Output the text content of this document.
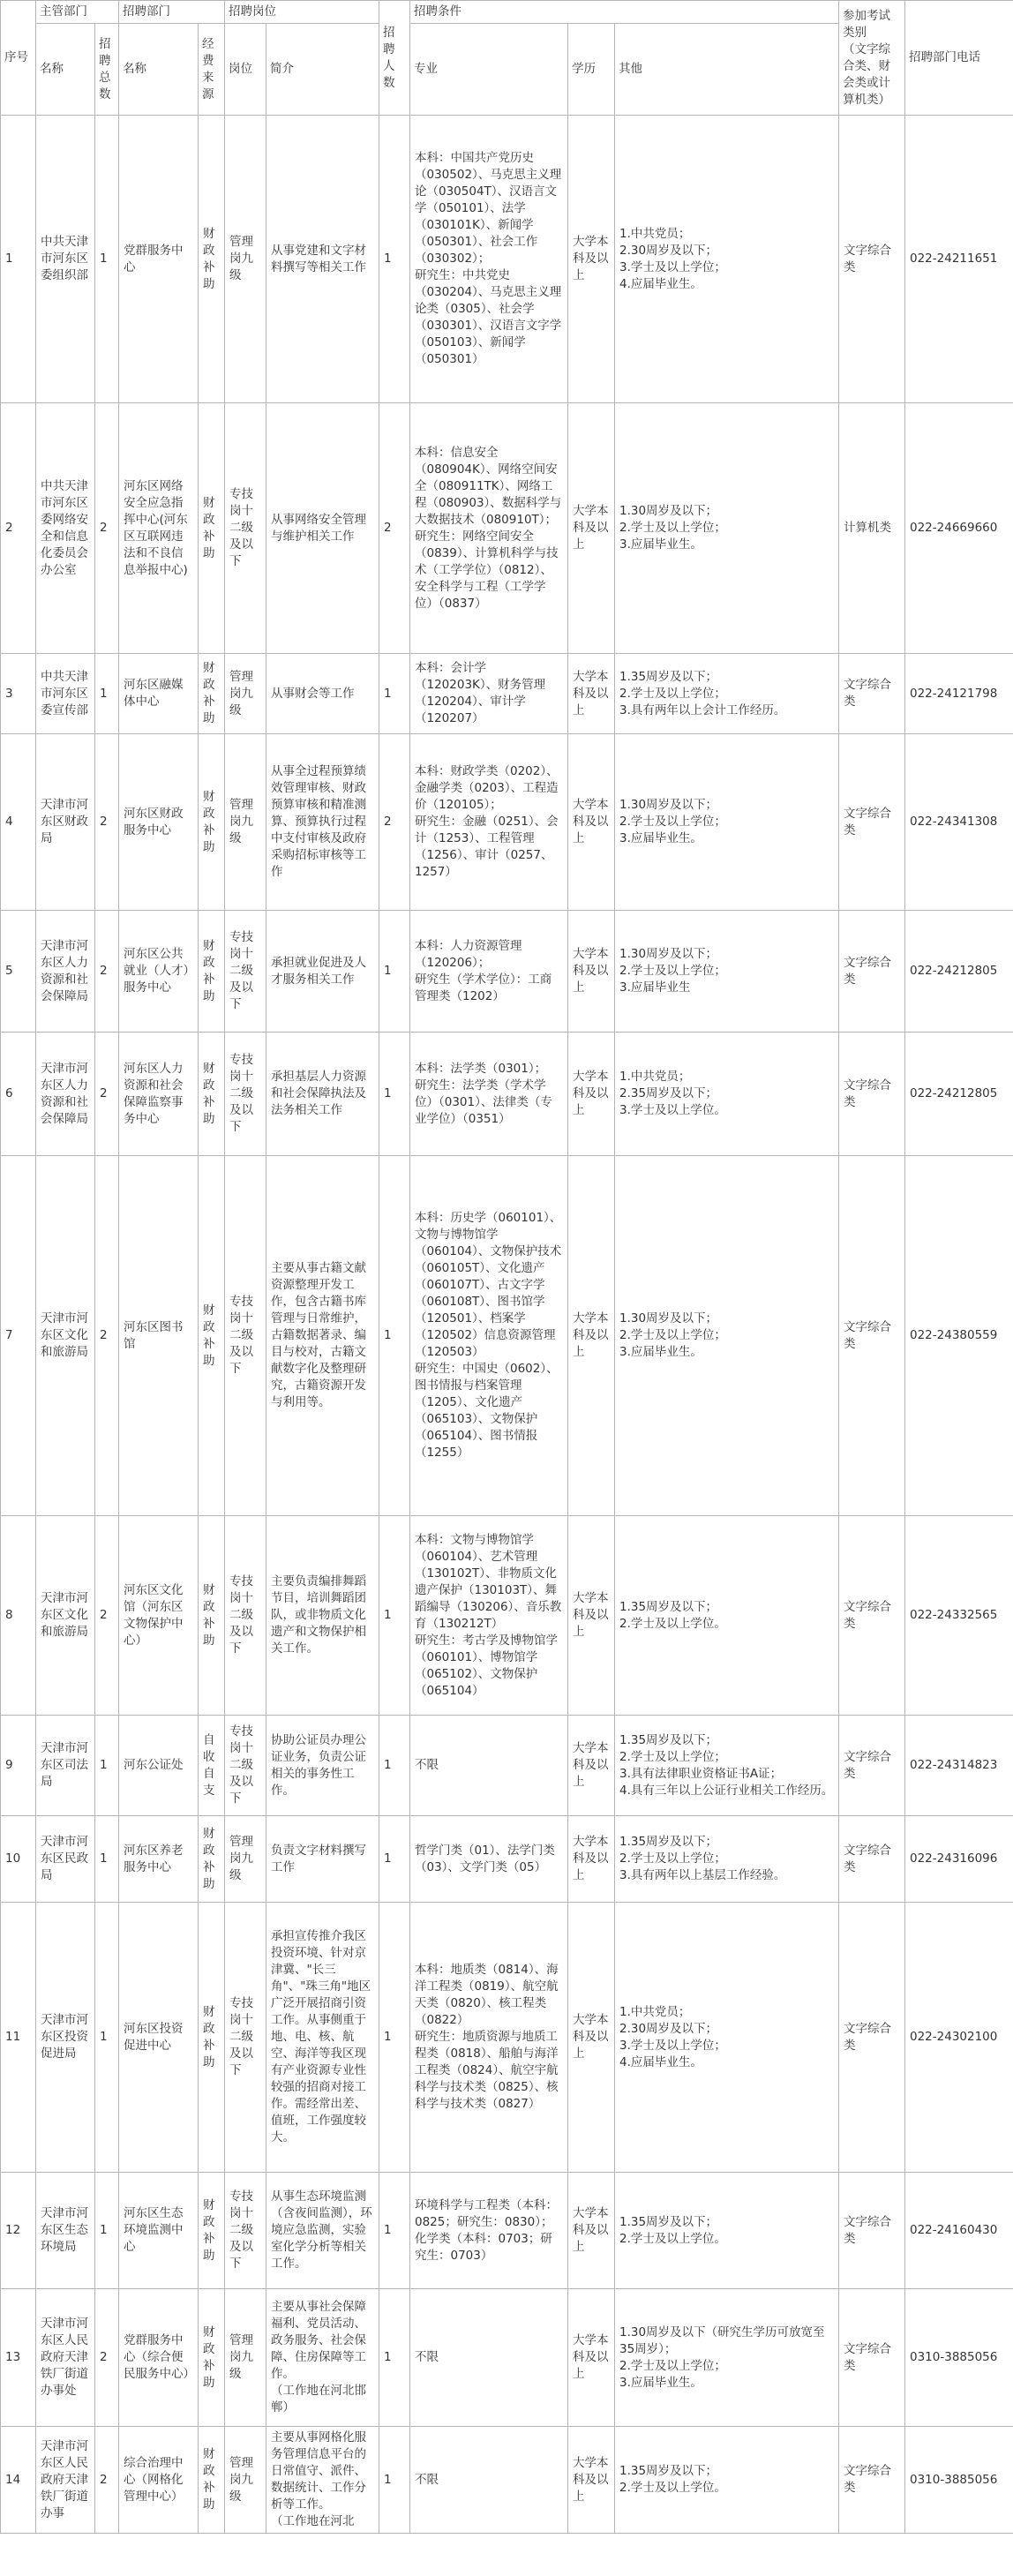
序号	主管部门		招聘部门		招聘岗位		招聘人数	招聘条件			参加考试类别
（文字综合类、财会类或计算机类）	招聘部门电话
	名称	招聘总数	名称	经费来源	岗位	简介		专业	学历	其他		
1	中共天津市河东区委组织部	1	党群服务中心	财政补助	管理岗九级	从事党建和文字材料撰写等相关工作	1	本科：中国共产党历史（030502）、马克思主义理论（030504T）、汉语言文学（050101）、法学（030101K）、新闻学（050301）、社会工作（030302）；
研究生：中共党史（030204）、马克思主义理论类（0305）、社会学（030301）、汉语言文字学（050103）、新闻学（050301）	大学本科及以上	1.中共党员；
2.30周岁及以下；
3.学士及以上学位；
4.应届毕业生。	文字综合类	022-24211651
2	中共天津市河东区委网络安全和信息化委员会办公室	2	河东区网络安全应急指挥中心(河东区互联网违法和不良信息举报中心)	财政补助	专技岗十二级及以下	从事网络安全管理与维护相关工作	2	本科：信息安全（080904K）、网络空间安全（080911TK）、网络工程（080903）、数据科学与大数据技术（080910T）；
研究生：网络空间安全（0839）、计算机科学与技术（工学学位）（0812）、安全科学与工程（工学学位）（0837）	大学本科及以上	1.30周岁及以下；
2.学士及以上学位；
3.应届毕业生。	计算机类	022-24669660
3	中共天津市河东区委宣传部	1	河东区融媒体中心	财政补助	管理岗九级	从事财会等工作	1	本科：会计学（120203K）、财务管理（120204）、审计学（120207）	大学本科及以上	1.35周岁及以下；
2.学士及以上学位；
3.具有两年以上会计工作经历。	文字综合类	022-24121798
4	天津市河东区财政局	2	河东区财政服务中心	财政补助	管理岗九级	从事全过程预算绩效管理审核、财政预算审核和精准测算、预算执行过程中支付审核及政府采购招标审核等工作	2	本科：财政学类（0202）、金融学类（0203）、工程造价（120105）；
研究生：金融（0251）、会计（1253）、工程管理（1256）、审计（0257、1257）	大学本科及以上	1.30周岁及以下；
2.学士及以上学位；
3.应届毕业生。	文字综合类	022-24341308
5	天津市河东区人力资源和社会保障局	2	河东区公共就业（人才）服务中心	财政补助	专技岗十二级及以下	承担就业促进及人才服务相关工作	1	本科：人力资源管理（120206）；
研究生（学术学位）：工商管理类（1202）	大学本科及以上	1.30周岁及以下；
2.学士及以上学位；
3.应届毕业生	文字综合类	022-24212805
6	天津市河东区人力资源和社会保障局	2	河东区人力资源和社会保障监察事务中心	财政补助	专技岗十二级及以下	承担基层人力资源和社会保障执法及法务相关工作	1	本科：法学类（0301）；
研究生：法学类（学术学位）（0301）、法律类（专业学位）（0351）	大学本科及以上	1.中共党员；
2.35周岁及以下；
3.学士及以上学位。	文字综合类	022-24212805
7	天津市河东区文化和旅游局	2	河东区图书馆	财政补助	专技岗十二级及以下	主要从事古籍文献资源整理开发工作，包含古籍书库管理与日常维护，古籍数据著录、编目与校对，古籍文献数字化及整理研究，古籍资源开发与利用等。	1	本科：历史学（060101）、文物与博物馆学（060104）、文物保护技术（060105T）、文化遗产（060107T）、古文字学（060108T）、图书馆学（120501）、档案学（120502）信息资源管理（120503）
研究生：中国史（0602）、图书情报与档案管理（1205）、文化遗产（065103）、文物保护（065104）、图书情报（1255）	大学本科及以上	1.30周岁及以下；
2.学士及以上学位；
3.应届毕业生。	文字综合类	022-24380559
8	天津市河东区文化和旅游局	2	河东区文化馆（河东区文物保护中心）	财政补助	专技岗十二级及以下	主要负责编排舞蹈节目，培训舞蹈团队，或非物质文化遗产和文物保护相关工作。	1	本科：文物与博物馆学（060104）、艺术管理（130102T）、非物质文化遗产保护（130103T）、舞蹈编导（130206）、音乐教育（130212T）
研究生：考古学及博物馆学（060101）、博物馆学（065102）、文物保护（065104）	大学本科及以上	1.35周岁及以下；
2.学士及以上学位。	文字综合类	022-24332565
9	天津市河东区司法局	1	河东公证处	自收自支	专技岗十二级及以下	协助公证员办理公证业务，负责公证相关的事务性工作。	1	不限	大学本科及以上	1.35周岁及以下；
2.学士及以上学位；
3.具有法律职业资格证书A证；
4.具有三年以上公证行业相关工作经历。	文字综合类	022-24314823
10	天津市河东区民政局	1	河东区养老服务中心	财政补助	管理岗九级	负责文字材料撰写工作	1	哲学门类（01）、法学门类（03）、文学门类（05）	大学本科及以上	1.35周岁及以下；
2.学士及以上学位；
3.具有两年以上基层工作经验。	文字综合类	022-24316096
11	天津市河东区投资促进局	1	河东区投资促进中心	财政补助	专技岗十二级及以下	承担宣传推介我区投资环境、针对京津冀、"长三角"、"珠三角"地区广泛开展招商引资工作。从事侧重于地、电、核、航空、海洋等我区现有产业资源专业性较强的招商对接工作。需经常出差、值班，工作强度较大。	1	本科：地质类（0814）、海洋工程类（0819）、航空航天类（0820）、核工程类（0822）
研究生：地质资源与地质工程类（0818）、船舶与海洋工程类（0824）、航空宇航科学与技术类（0825）、核科学与技术类（0827）	大学本科及以上	1.中共党员；
2.30周岁及以下；
3.学士及以上学位；
4.应届毕业生。	文字综合类	022-24302100
12	天津市河东区生态环境局	1	河东区生态环境监测中心	财政补助	专技岗十二级及以下	从事生态环境监测（含夜间监测），环境应急监测，实验室化学分析等相关工作。	1	环境科学与工程类（本科：0825；研究生：0830）；化学类（本科：0703；研究生：0703）	大学本科及以上	1.35周岁及以下；
2.学士及以上学位。	文字综合类	022-24160430
13	天津市河东区人民政府天津铁厂街道办事处	2	党群服务中心（综合便民服务中心）	财政补助	管理岗九级	主要从事社会保障福利、党员活动、政务服务、社会保障、住房保障等工作。
（工作地在河北邯郸）	1	不限	大学本科及以上	1.30周岁及以下（研究生学历可放宽至35周岁）；
2.学士及以上学位；
3.应届毕业生。	文字综合类	0310-3885056
14	天津市河东区人民政府天津铁厂街道办事	2	综合治理中心（网格化管理中心）	财政补助	管理岗九级	主要从事网格化服务管理信息平台的日常值守、派件、数据统计、工作分析等工作。
（工作地在河北	1	不限	大学本科及以上	1.35周岁及以下；
2.学士及以上学位。	文字综合类	0310-3885056
